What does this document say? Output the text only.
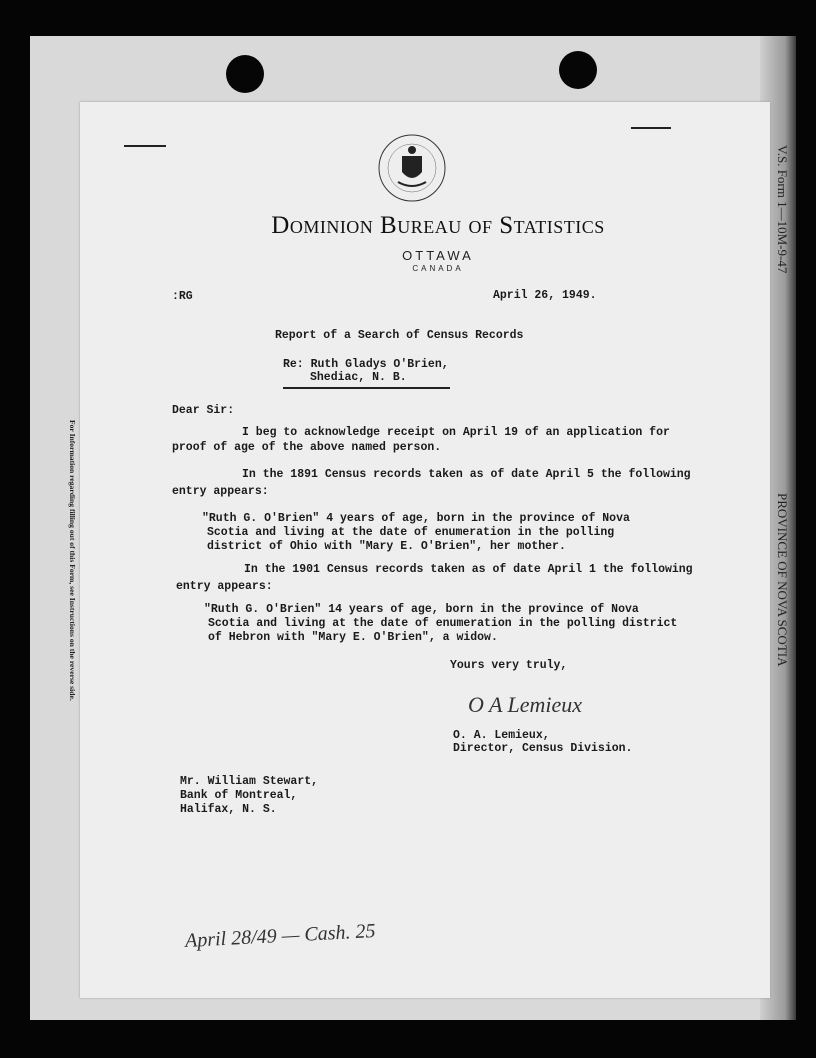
V.S. Form 1—10M-9-47
PROVINCE OF NOVA SCOTIA
For Information regarding filling out of this Form, see Instructions on the reverse side.
Dominion Bureau of Statistics
OTTAWA
CANADA
:RG	April 26, 1949.
Report of a Search of Census Records
Re: Ruth Gladys O'Brien,
Shediac, N. B.
Dear Sir:
I beg to acknowledge receipt on April 19 of an application for
proof of age of the above named person.
In the 1891 Census records taken as of date April 5 the following
entry appears:
"Ruth G. O'Brien" 4 years of age, born in the province of Nova
Scotia and living at the date of enumeration in the polling
district of Ohio with "Mary E. O'Brien", her mother.
In the 1901 Census records taken as of date April 1 the following
entry appears:
"Ruth G. O'Brien" 14 years of age, born in the province of Nova
Scotia and living at the date of enumeration in the polling district
of Hebron with "Mary E. O'Brien", a widow.
Yours very truly,
O A Lemieux
O. A. Lemieux,
Director, Census Division.
Mr. William Stewart,
Bank of Montreal,
Halifax, N. S.
April 28/49 — Cash. 25
